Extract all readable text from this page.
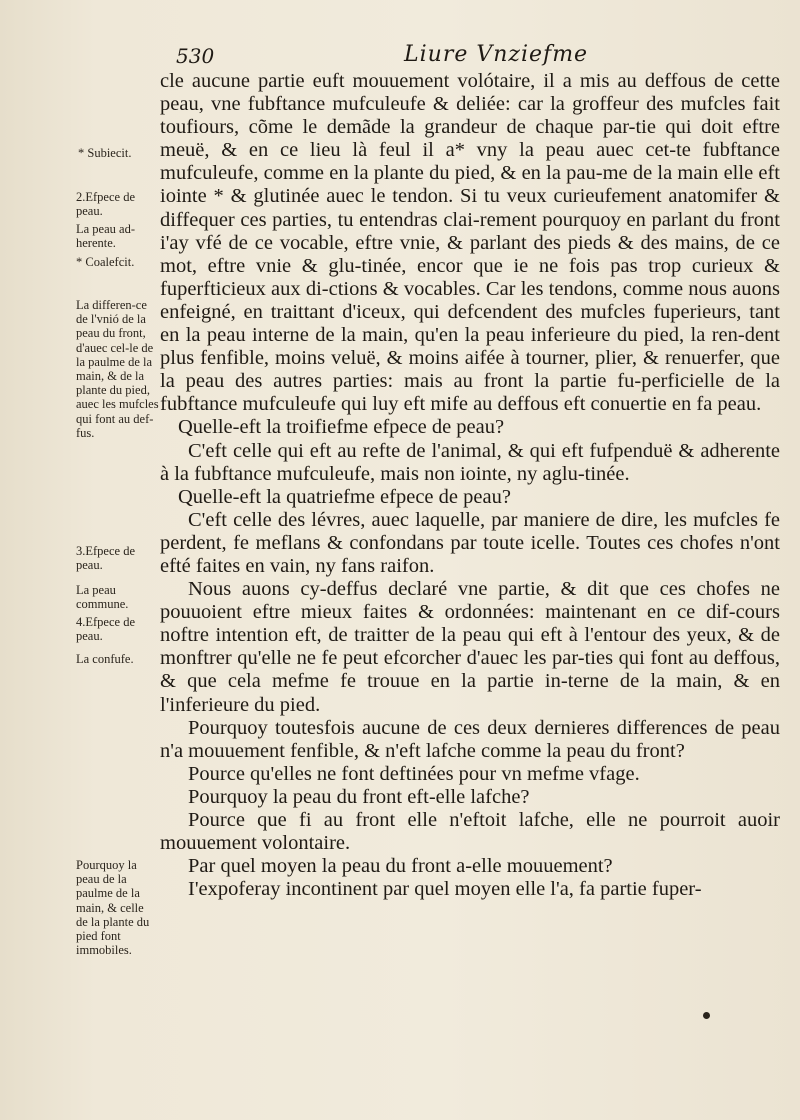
530	Liure Vnziefme
* Subiecit.
2.Efpece de peau.
La peau ad-herente.
* Coalefcit.
La differen-ce de l'vnió de la peau du front, d'auec cel-le de la paulme de la main, & de la plante du pied, auec les mufcles qui font au def-fus.
3.Efpece de peau.
La peau commune.
4.Efpece de peau.
La confufe.
Pourquoy la peau de la paulme de la main, & celle de la plante du pied font immobiles.

cle aucune partie euft mouuement volótaire, il a mis au deffous de cette peau, vne fubftance mufculeufe & deliée: car la groffeur des mufcles fait toufiours, cõme le demãde la grandeur de chaque par-tie qui doit eftre meuë, & en ce lieu là feul il a* vny la peau auec cet-te fubftance mufculeufe, comme en la plante du pied, & en la pau-me de la main elle eft iointe * & glutinée auec le tendon. Si tu veux curieufement anatomifer & diffequer ces parties, tu entendras clai-rement pourquoy en parlant du front i'ay vfé de ce vocable, eftre vnie, & parlant des pieds & des mains, de ce mot, eftre vnie & glu-tinée, encor que ie ne fois pas trop curieux & fuperfticieux aux di-ctions & vocables. Car les tendons, comme nous auons enfeigné, en traittant d'iceux, qui defcendent des mufcles fuperieurs, tant en la peau interne de la main, qu'en la peau inferieure du pied, la ren-dent plus fenfible, moins veluë, & moins aifée à tourner, plier, & renuerfer, que la peau des autres parties: mais au front la partie fu-perficielle de la fubftance mufculeufe qui luy eft mife au deffous eft conuertie en fa peau.

Quelle-eft la troifiefme efpece de peau?

C'eft celle qui eft au refte de l'animal, & qui eft fufpenduë & adherente à la fubftance mufculeufe, mais non iointe, ny aglu-tinée.

Quelle-eft la quatriefme efpece de peau?

C'eft celle des lévres, auec laquelle, par maniere de dire, les mufcles fe perdent, fe meflans & confondans par toute icelle. Toutes ces chofes n'ont efté faites en vain, ny fans raifon.

Nous auons cy-deffus declaré vne partie, & dit que ces chofes ne pouuoient eftre mieux faites & ordonnées: maintenant en ce dif-cours noftre intention eft, de traitter de la peau qui eft à l'entour des yeux, & de monftrer qu'elle ne fe peut efcorcher d'auec les par-ties qui font au deffous, & que cela mefme fe trouue en la partie in-terne de la main, & en l'inferieure du pied.

Pourquoy toutesfois aucune de ces deux dernieres differences de peau n'a mouuement fenfible, & n'eft lafche comme la peau du front?

Pource qu'elles ne font deftinées pour vn mefme vfage.

Pourquoy la peau du front eft-elle lafche?

Pource que fi au front elle n'eftoit lafche, elle ne pourroit auoir mouuement volontaire.

Par quel moyen la peau du front a-elle mouuement?

I'expoferay incontinent par quel moyen elle l'a, fa partie fuper-
